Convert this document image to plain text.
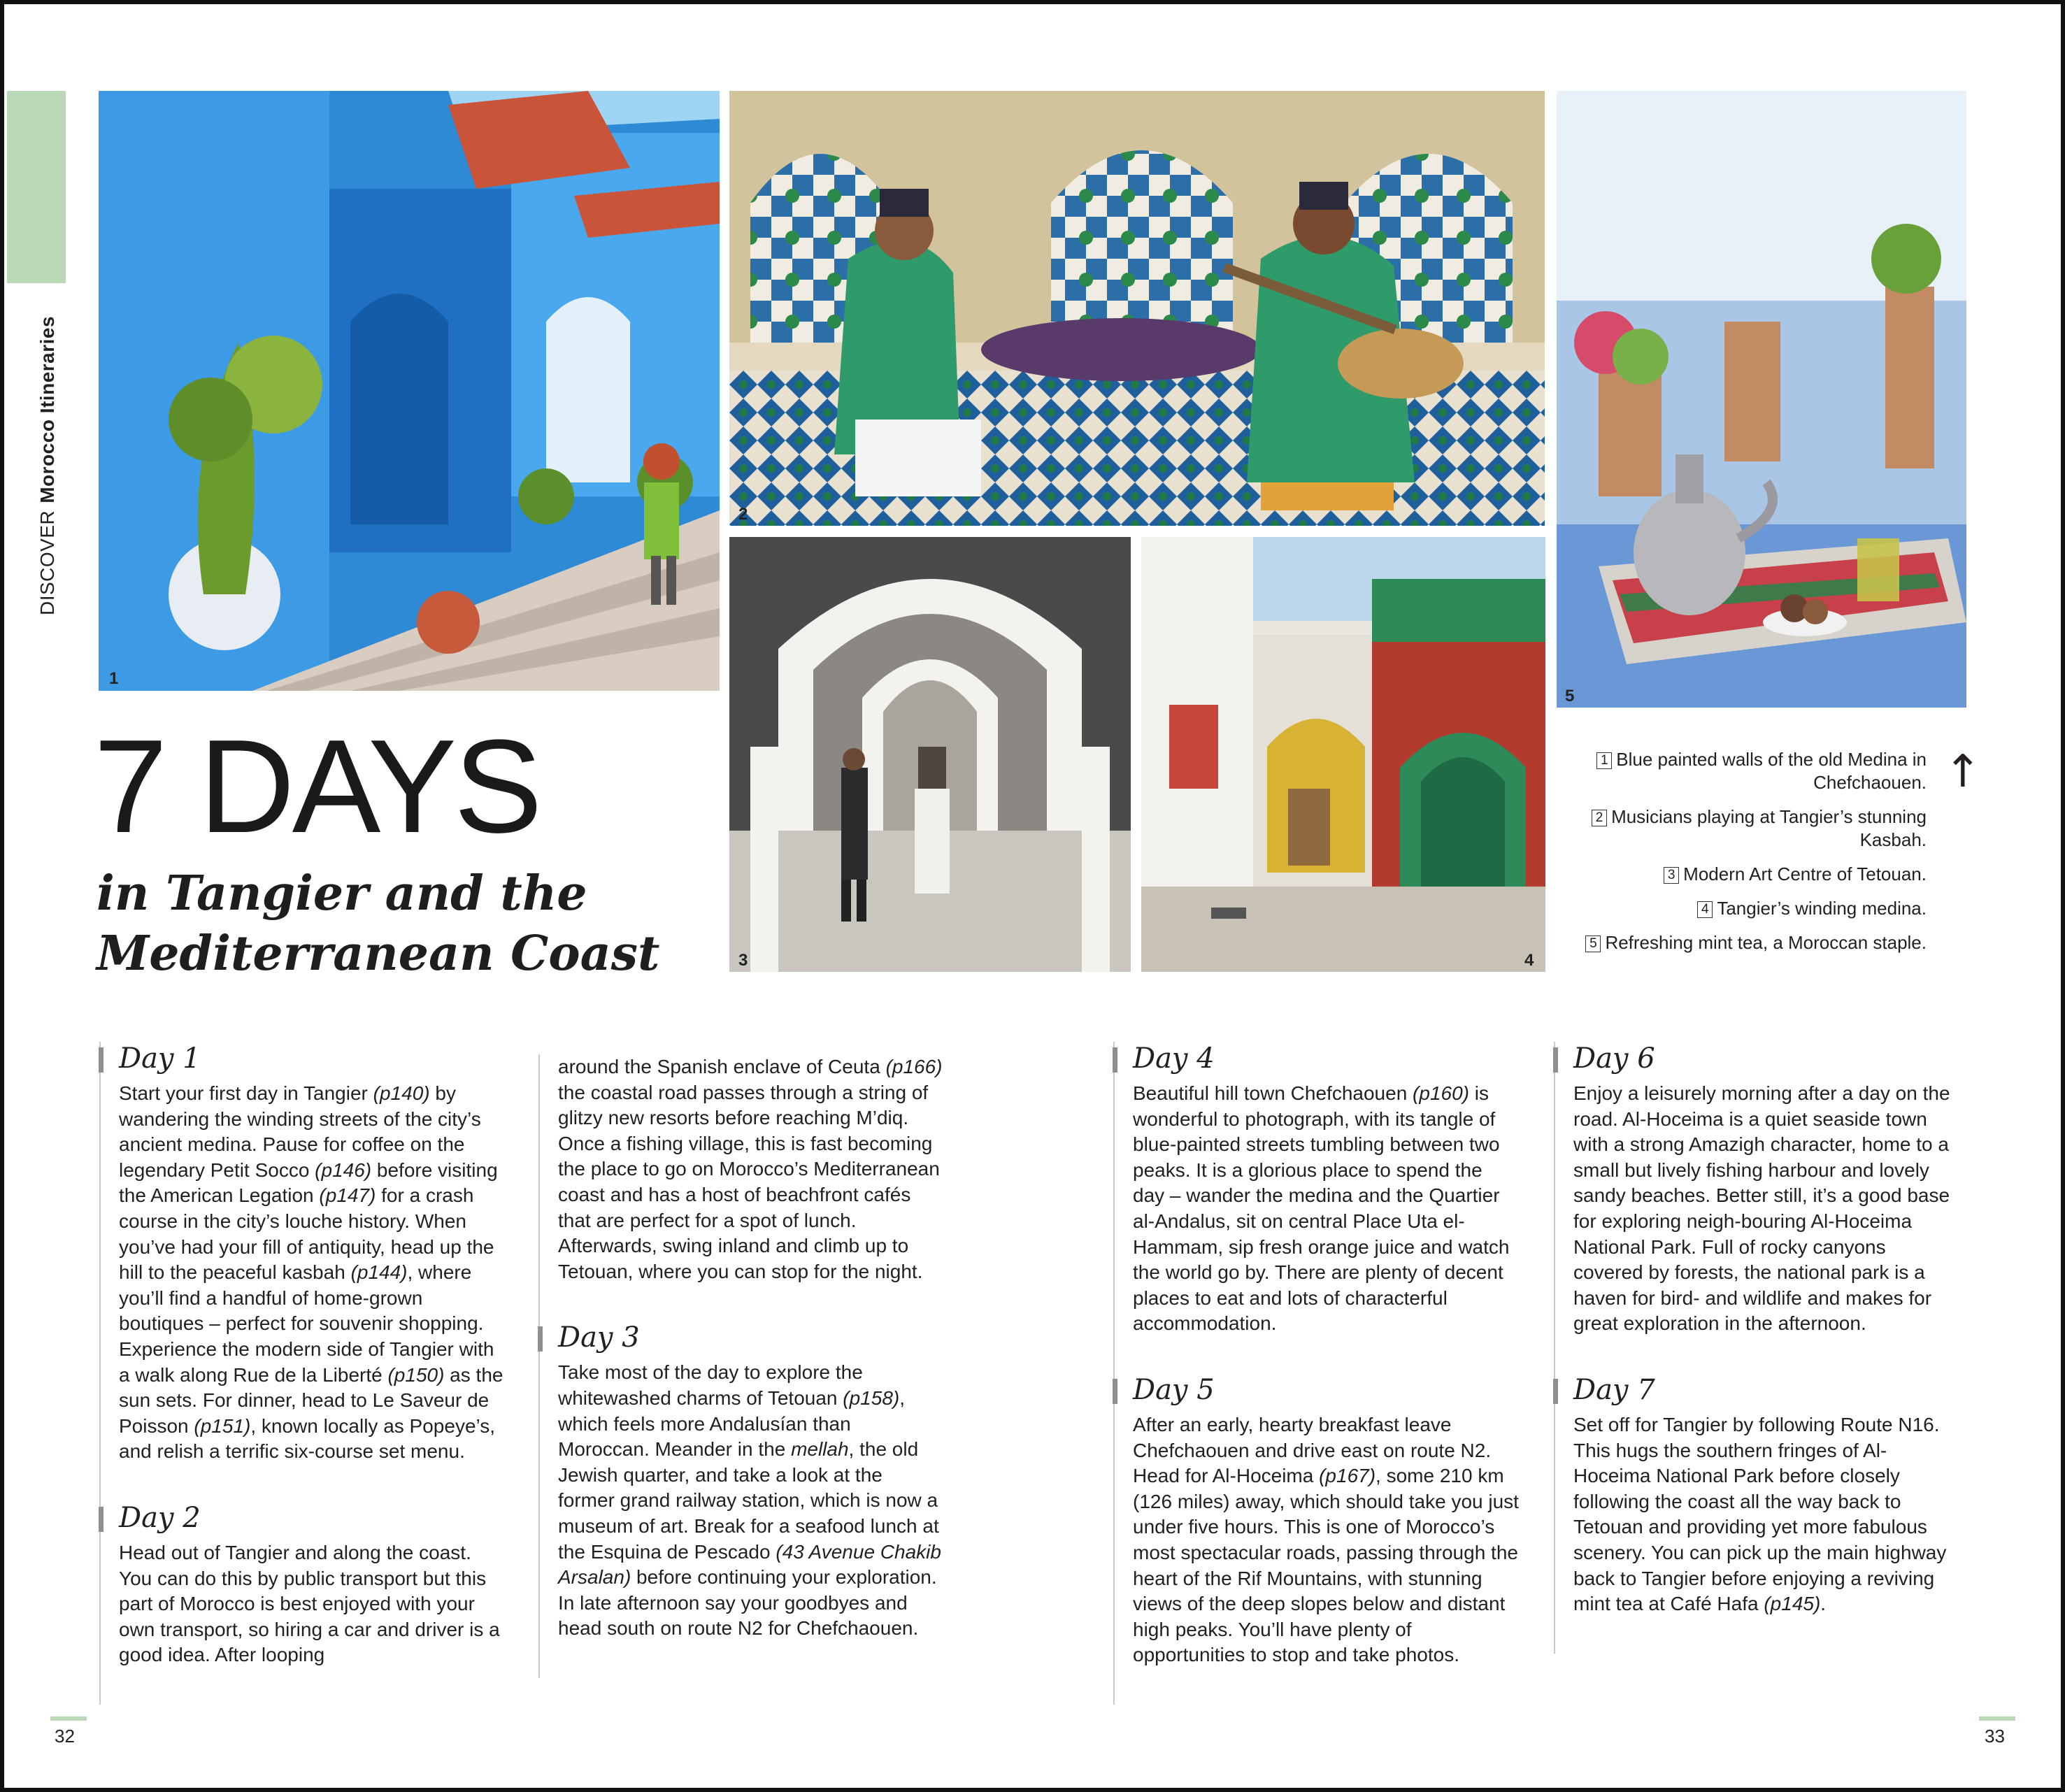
DISCOVERMorocco Itineraries
1
2
3	4
5
7 DAYS
in Tangier and the Mediterranean Coast
↑
1 Blue painted walls of the old Medina in Chefchaouen.
2 Musicians playing at Tangier’s stunning Kasbah.
3 Modern Art Centre of Tetouan.
4 Tangier’s winding medina.
5 Refreshing mint tea, a Moroccan staple.
Day 1

Start your first day in Tangier (p140) by wandering the winding streets of the city’s ancient medina. Pause for coffee on the legendary Petit Socco (p146) before visiting the American Legation (p147) for a crash course in the city’s louche history. When you’ve had your fill of antiquity, head up the hill to the peaceful kasbah (p144), where you’ll find a handful of home-grown boutiques – perfect for souvenir shopping. Experience the modern side of Tangier with a walk along Rue de la Liberté (p150) as the sun sets. For dinner, head to Le Saveur de Poisson (p151), known locally as Popeye’s, and relish a terrific six-course set menu.

Day 2

Head out of Tangier and along the coast. You can do this by public transport but this part of Morocco is best enjoyed with your own transport, so hiring a car and driver is a good idea. After looping

around the Spanish enclave of Ceuta (p166) the coastal road passes through a string of glitzy new resorts before reaching M’diq. Once a fishing village, this is fast becoming the place to go on Morocco’s Mediterranean coast and has a host of beachfront cafés that are perfect for a spot of lunch. Afterwards, swing inland and climb up to Tetouan, where you can stop for the night.

Day 3

Take most of the day to explore the whitewashed charms of Tetouan (p158), which feels more Andalusían than Moroccan. Meander in the mellah, the old Jewish quarter, and take a look at the former grand railway station, which is now a museum of art. Break for a seafood lunch at the Esquina de Pescado (43 Avenue Chakib Arsalan) before continuing your exploration. In late afternoon say your goodbyes and head south on route N2 for Chefchaouen.

Day 4

Beautiful hill town Chefchaouen (p160) is wonderful to photograph, with its tangle of blue-painted streets tumbling between two peaks. It is a glorious place to spend the day – wander the medina and the Quartier al-Andalus, sit on central Place Uta el-Hammam, sip fresh orange juice and watch the world go by. There are plenty of decent places to eat and lots of characterful accommodation.

Day 5

After an early, hearty breakfast leave Chefchaouen and drive east on route N2. Head for Al-Hoceima (p167), some 210 km (126 miles) away, which should take you just under five hours. This is one of Morocco’s most spectacular roads, passing through the heart of the Rif Mountains, with stunning views of the deep slopes below and distant high peaks. You’ll have plenty of opportunities to stop and take photos.

Day 6

Enjoy a leisurely morning after a day on the road. Al-Hoceima is a quiet seaside town with a strong Amazigh character, home to a small but lively fishing harbour and lovely sandy beaches. Better still, it’s a good base for exploring neigh-bouring Al-Hoceima National Park. Full of rocky canyons covered by forests, the national park is a haven for bird- and wildlife and makes for great exploration in the afternoon.

Day 7

Set off for Tangier by following Route N16. This hugs the southern fringes of Al-Hoceima National Park before closely following the coast all the way back to Tetouan and providing yet more fabulous scenery. You can pick up the main highway back to Tangier before enjoying a reviving mint tea at Café Hafa (p145).

32	33
